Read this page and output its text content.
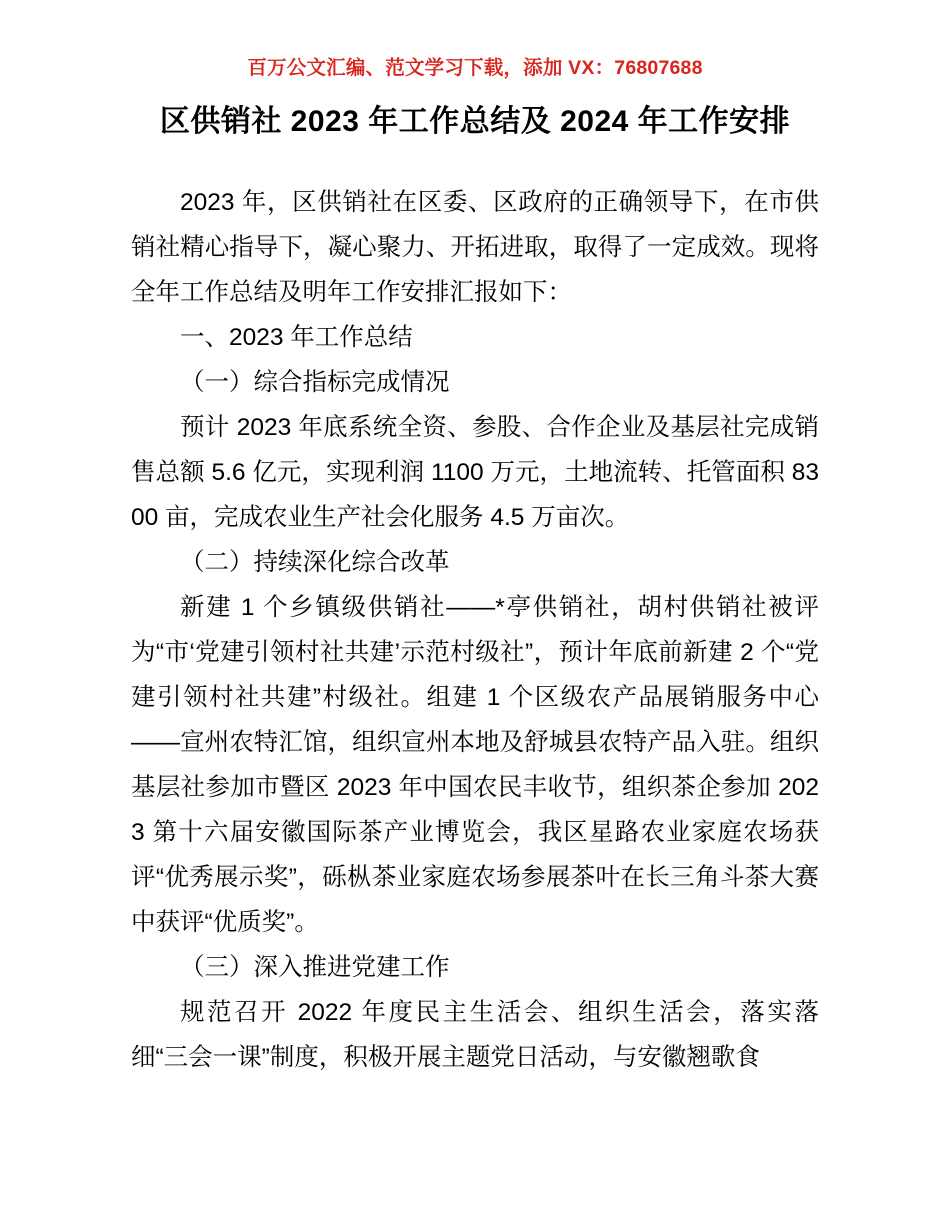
百万公文汇编、范文学习下载，添加 VX：76807688
区供销社 2023 年工作总结及 2024 年工作安排

2023 年，区供销社在区委、区政府的正确领导下，在市供销社精心指导下，凝心聚力、开拓进取，取得了一定成效。现将全年工作总结及明年工作安排汇报如下：

一、2023 年工作总结

（一）综合指标完成情况

预计 2023 年底系统全资、参股、合作企业及基层社完成销售总额 5.6 亿元，实现利润 1100 万元，土地流转、托管面积 8300 亩，完成农业生产社会化服务 4.5 万亩次。

（二）持续深化综合改革

新建 1 个乡镇级供销社——*亭供销社，胡村供销社被评为“市‘党建引领村社共建’示范村级社”，预计年底前新建 2 个“党建引领村社共建”村级社。组建 1 个区级农产品展销服务中心——宣州农特汇馆，组织宣州本地及舒城县农特产品入驻。组织基层社参加市暨区 2023 年中国农民丰收节，组织茶企参加 2023 第十六届安徽国际茶产业博览会，我区星路农业家庭农场获评“优秀展示奖”，砾枞茶业家庭农场参展茶叶在长三角斗茶大赛中获评“优质奖”。

（三）深入推进党建工作

规范召开 2022 年度民主生活会、组织生活会，落实落细“三会一课”制度，积极开展主题党日活动，与安徽翘歌食
